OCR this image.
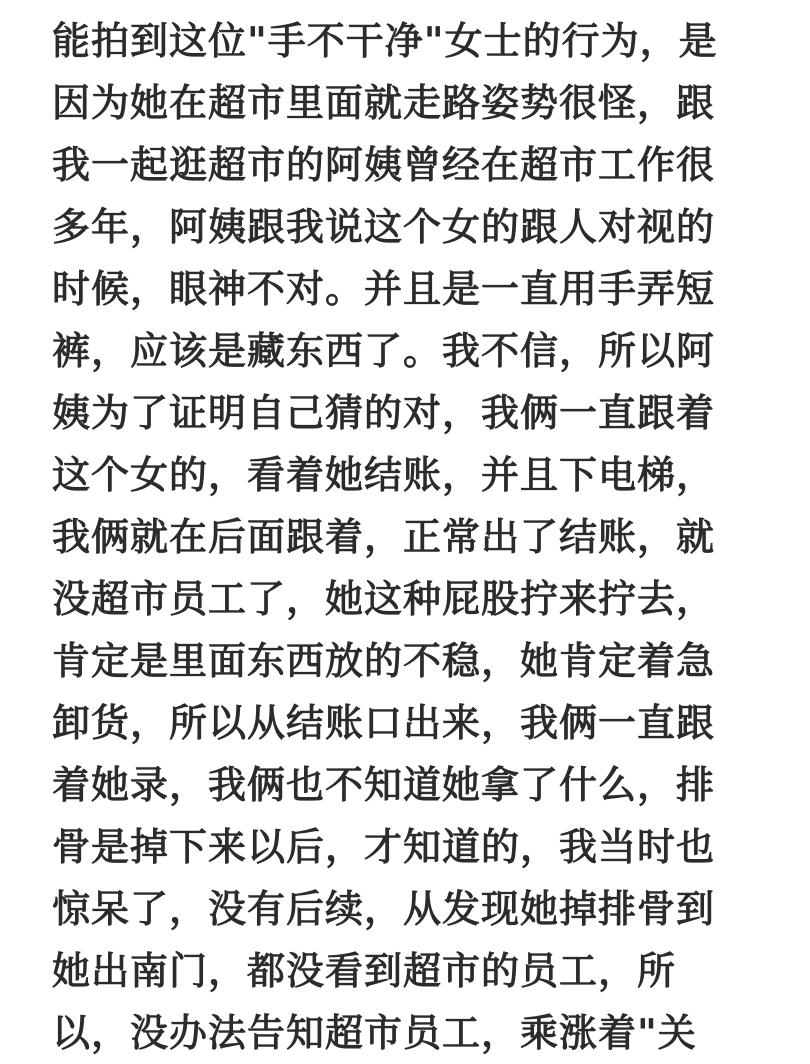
能拍到这位"手不干净"女士的行为，是
因为她在超市里面就走路姿势很怪，跟
我一起逛超市的阿姨曾经在超市工作很
多年，阿姨跟我说这个女的跟人对视的
时候，眼神不对。并且是一直用手弄短
裤，应该是藏东西了。我不信，所以阿
姨为了证明自己猜的对，我俩一直跟着
这个女的，看着她结账，并且下电梯，
我俩就在后面跟着，正常出了结账，就
没超市员工了，她这种屁股拧来拧去，
肯定是里面东西放的不稳，她肯定着急
卸货，所以从结账口出来，我俩一直跟
着她录，我俩也不知道她拿了什么，排
骨是掉下来以后，才知道的，我当时也
惊呆了，没有后续，从发现她掉排骨到
她出南门，都没看到超市的员工，所
以，没办法告知超市员工，乘涨着"关
